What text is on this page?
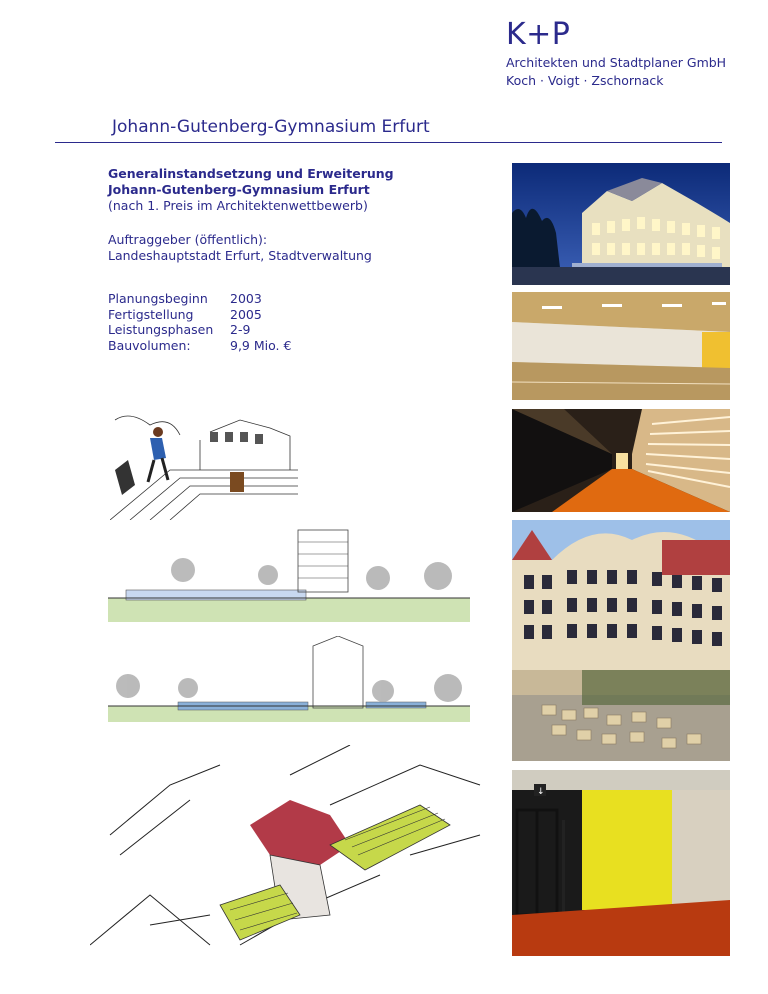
K+P
Architekten und Stadtplaner GmbH
Koch · Voigt · Zschornack
Johann-Gutenberg-Gymnasium Erfurt
Generalinstandsetzung und Erweiterung
Johann-Gutenberg-Gymnasium Erfurt
(nach 1. Preis im Architektenwettbewerb)
Auftraggeber (öffentlich):
Landeshauptstadt Erfurt, Stadtverwaltung
Planungsbeginn	2003
Fertigstellung	2005
Leistungsphasen	2-9
Bauvolumen:	9,9 Mio. €
↓
